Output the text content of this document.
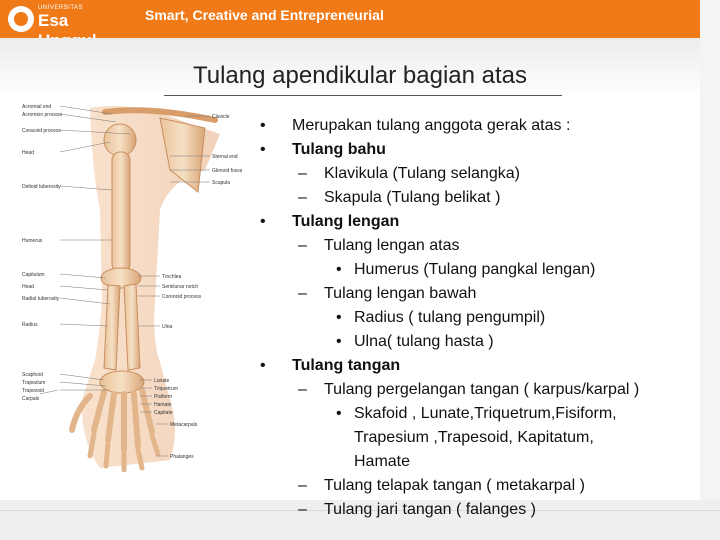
UNIVERSITAS
Esa	Smart, Creative and Entrepreneurial
Tulang apendikular bagian atas
Acromial end
Acromion process
Coracoid process
Head
Deltoid tuberosity
Humerus
Capitulum
Head
Radial tuberosity
Radius
Scaphoid
Trapezium
Trapezoid
Carpals
Clavicle
Sternal end
Glenoid fossa
Scapula
Trochlea
Semilunar notch
Coronoid process
Ulna
Lunate
Triquetrum
Pisiform
Hamate
Capitate
Metacarpals
Phalanges
• Merupakan tulang anggota gerak atas :
• Tulang bahu
– Klavikula (Tulang selangka)
– Skapula (Tulang belikat )
• Tulang lengan
– Tulang lengan atas
• Humerus (Tulang pangkal lengan)
– Tulang lengan bawah
• Radius ( tulang pengumpil)
• Ulna( tulang hasta )
• Tulang tangan
– Tulang pergelangan tangan ( karpus/karpal )
• Skafoid , Lunate,Triquetrum,Fisiform,
Trapesium ,Trapesoid, Kapitatum,
Hamate
– Tulang telapak tangan ( metakarpal )
– Tulang jari tangan ( falanges )
